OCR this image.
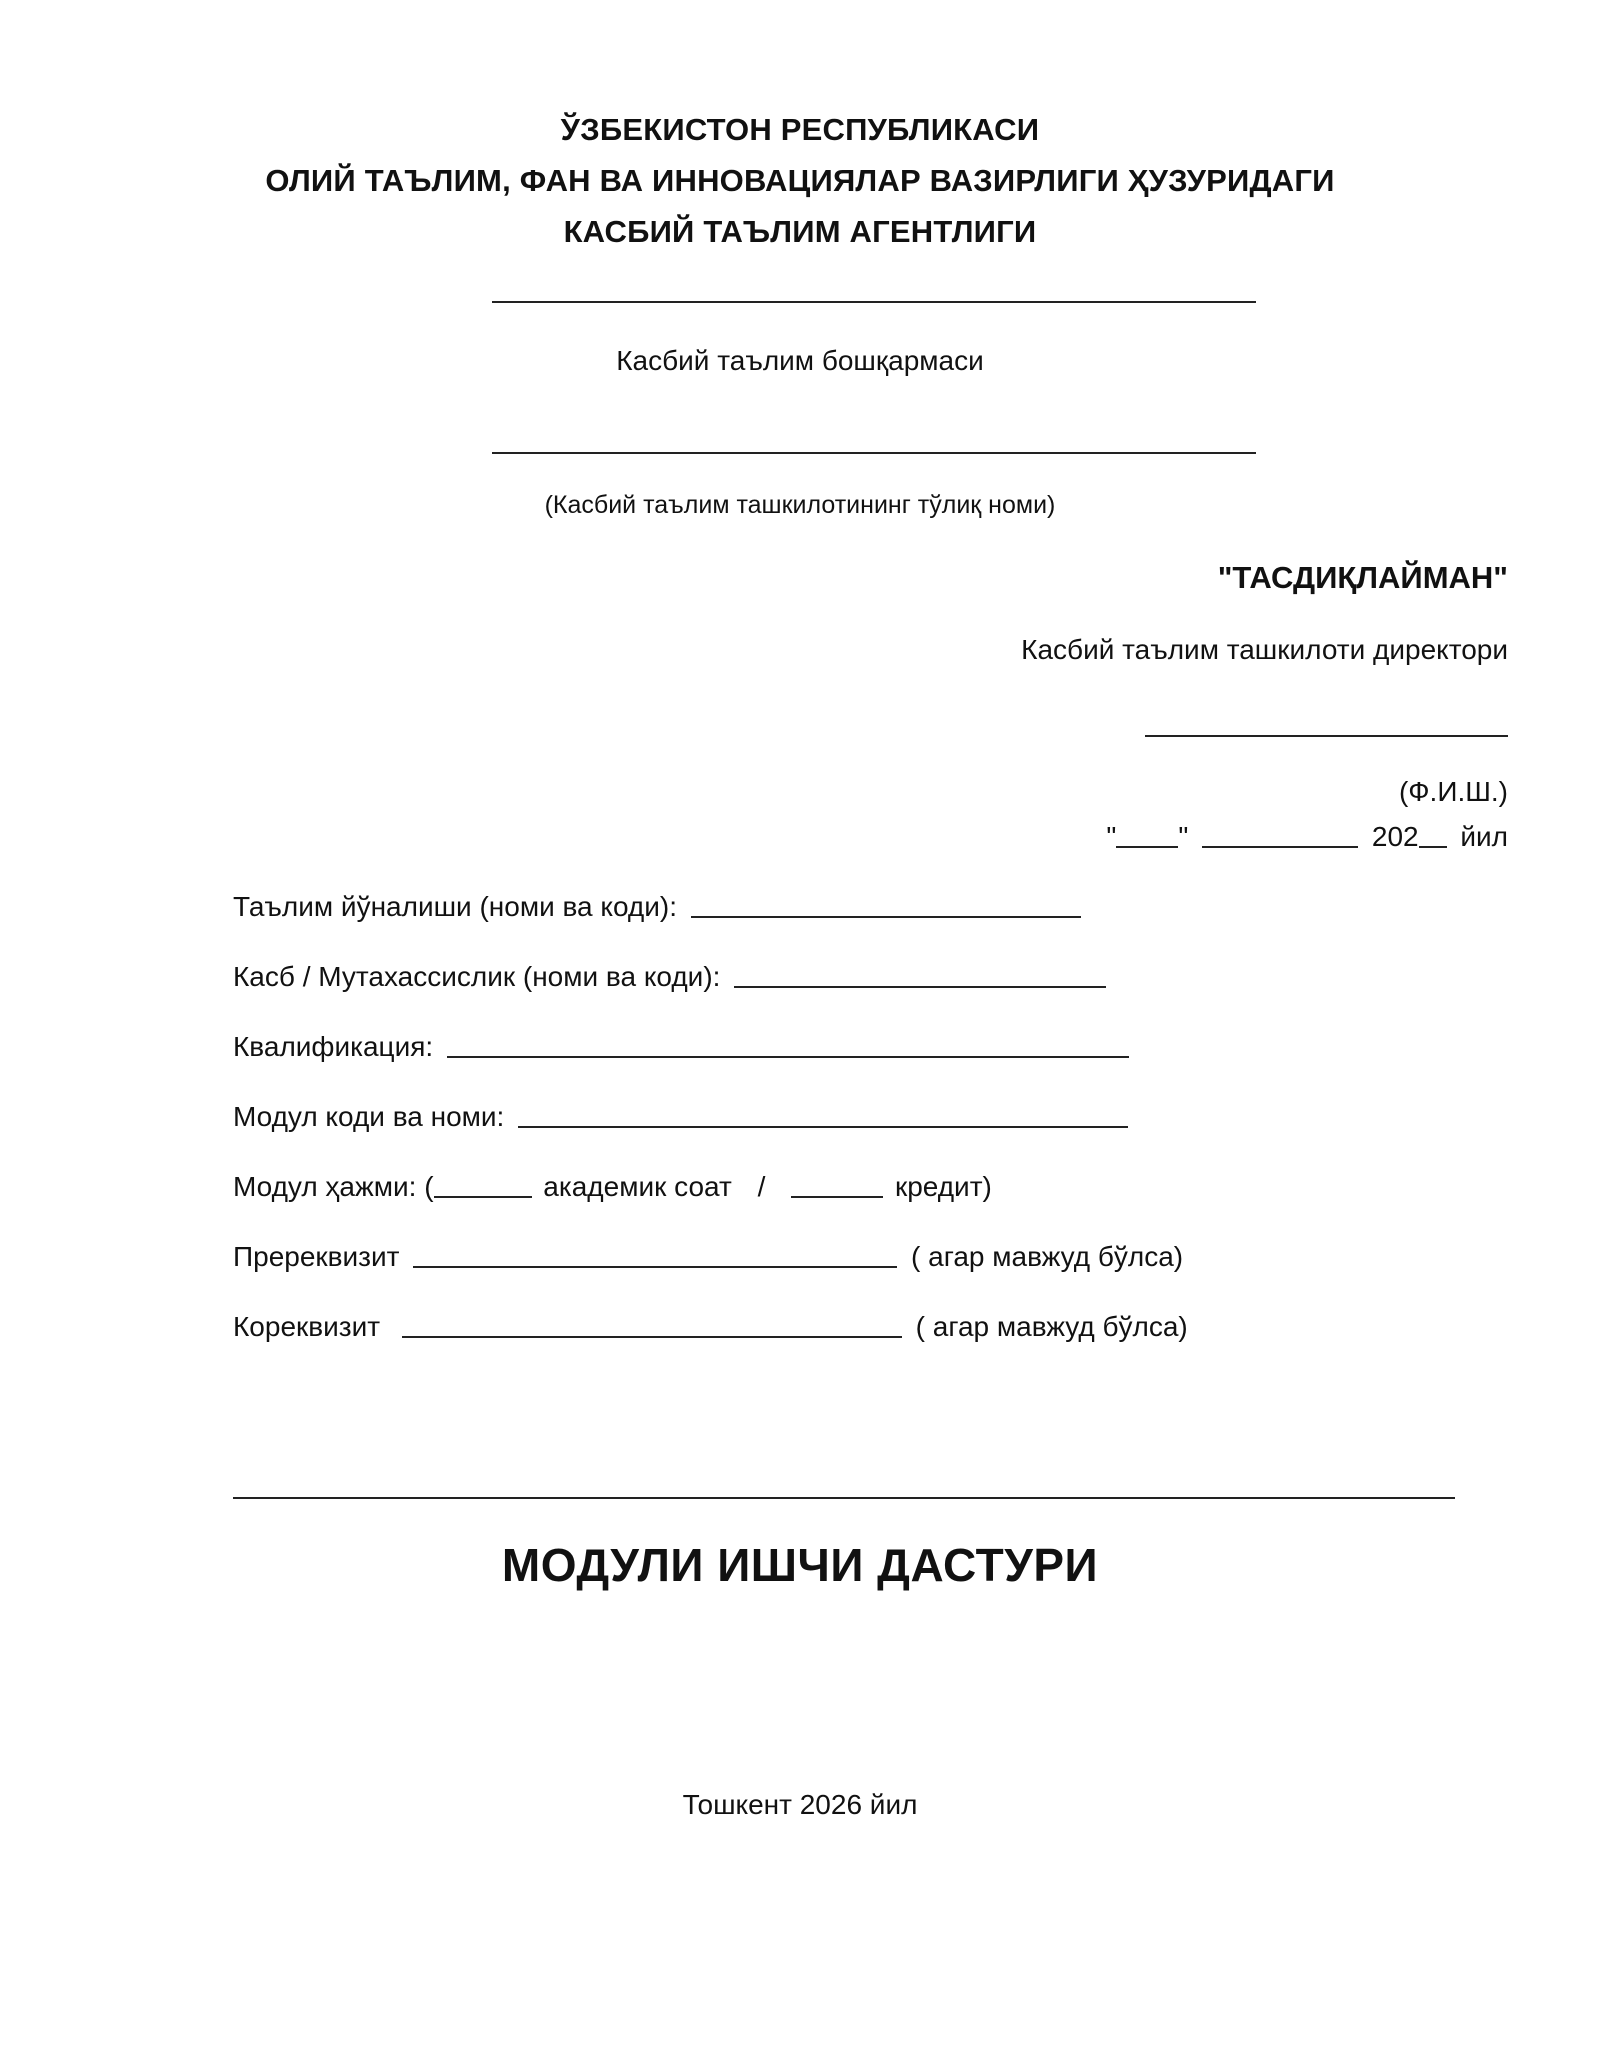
ЎЗБЕКИСТОН РЕСПУБЛИКАСИ
ОЛИЙ ТАЪЛИМ, ФАН ВА ИННОВАЦИЯЛАР ВАЗИРЛИГИ ҲУЗУРИДАГИ
КАСБИЙ ТАЪЛИМ АГЕНТЛИГИ
Касбий таълим бошқармаси
(Касбий таълим ташкилотининг тўлиқ номи)
"ТАСДИҚЛАЙМАН"
Касбий таълим ташкилоти директори
(Ф.И.Ш.)
" "	202 йил
Таълим йўналиши (номи ва коди):
Касб / Мутахассислик (номи ва коди):
Квалификация:
Модул коди ва номи:
Модул ҳажми: (	академик соат /	кредит)
Пререквизит	( агар мавжуд бўлса)
Кореквизит	( агар мавжуд бўлса)
МОДУЛИ ИШЧИ ДАСТУРИ
Тошкент 2026 йил
